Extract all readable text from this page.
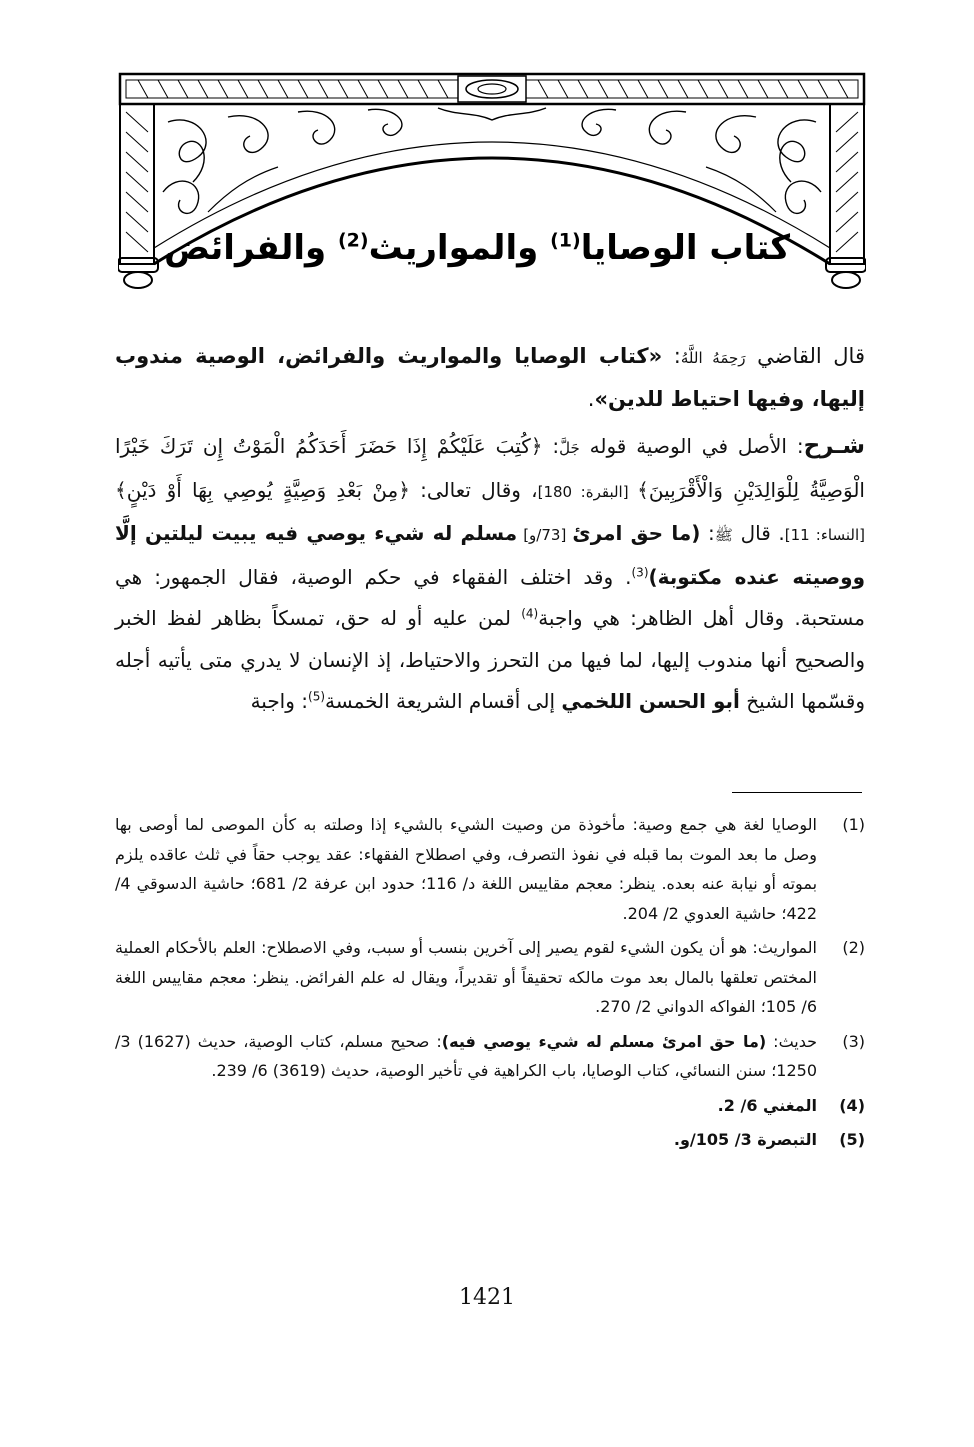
كتاب الوصايا$^{(1)}$ والمواريث$^{(2)}$ والفرائض
قال القاضي رَحِمَهُ اللَّهُ: «كتاب الوصايا والمواريث والفرائض، الوصية مندوب إليها، وفيها احتياط للدين».
شـرح: الأصل في الوصية قوله جَلَّ: ﴿كُتِبَ عَلَيْكُمْ إِذَا حَضَرَ أَحَدَكُمُ الْمَوْتُ إِن تَرَكَ خَيْرًا الْوَصِيَّةُ لِلْوَالِدَيْنِ وَالْأَقْرَبِينَ﴾ [البقرة: 180]، وقال تعالى: ﴿مِنْ بَعْدِ وَصِيَّةٍ يُوصِي بِهَا أَوْ دَيْنٍ﴾ [النساء: 11]. قال ﷺ: (ما حق امرئ [73/و] مسلم له شيء يوصي فيه يبيت ليلتين إلَّا ووصيته عنده مكتوبة)$^{(3)}$. وقد اختلف الفقهاء في حكم الوصية، فقال الجمهور: هي مستحبة. وقال أهل الظاهر: هي واجبة$^{(4)}$ لمن عليه أو له حق، تمسكاً بظاهر لفظ الخبر والصحيح أنها مندوب إليها، لما فيها من التحرز والاحتياط، إذ الإنسان لا يدري متى يأتيه أجله وقسّمها الشيخ أبو الحسن اللخمي إلى أقسام الشريعة الخمسة$^{(5)}$: واجبة
(1)
الوصايا لغة هي جمع وصية: مأخوذة من وصيت الشيء بالشيء إذا وصلته به كأن الموصى لما أوصى بها وصل ما بعد الموت بما قبله في نفوذ التصرف، وفي اصطلاح الفقهاء: عقد يوجب حقاً في ثلث عاقده يلزم بموته أو نيابة عنه بعده. ينظر: معجم مقاييس اللغة د/ 116؛ حدود ابن عرفة 2/ 681؛ حاشية الدسوقي 4/ 422؛ حاشية العدوي 2/ 204.
(2)
المواريث: هو أن يكون الشيء لقوم يصير إلى آخرين بنسب أو سبب، وفي الاصطلاح: العلم بالأحكام العملية المختص تعلقها بالمال بعد موت مالكه تحقيقاً أو تقديراً، ويقال له علم الفرائض. ينظر: معجم مقاييس اللغة 6/ 105؛ الفواكه الدواني 2/ 270.
(3)
حديث: (ما حق امرئ مسلم له شيء يوصي فيه): صحيح مسلم، كتاب الوصية، حديث (1627) 3/ 1250؛ سنن النسائي، كتاب الوصايا، باب الكراهية في تأخير الوصية، حديث (3619) 6/ 239.
(4)
المغني 6/ 2.
(5)
التبصرة 3/ 105/و.
1421
